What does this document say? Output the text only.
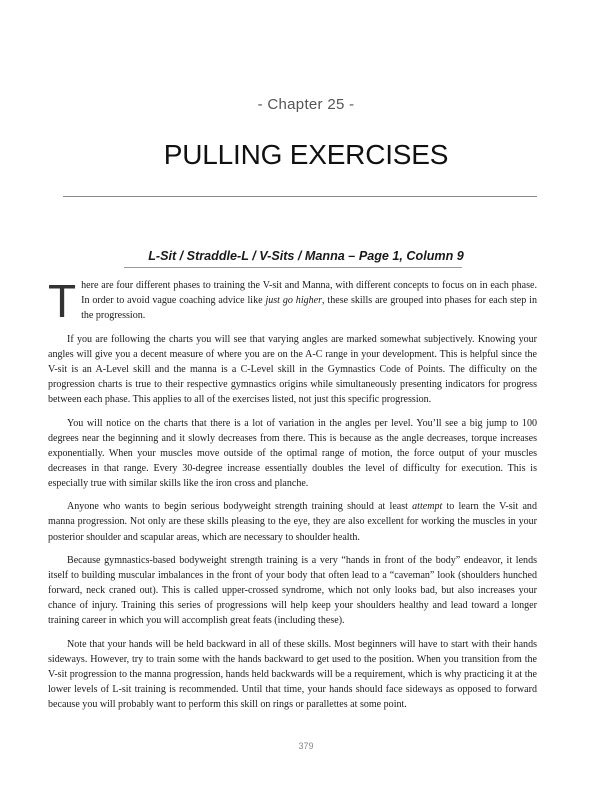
- Chapter 25 -
PULLING EXERCISES
L-Sit / Straddle-L / V-Sits / Manna – Page 1, Column 9

There are four different phases to training the V-sit and Manna, with different concepts to focus on in each phase. In order to avoid vague coaching advice like just go higher, these skills are grouped into phases for each step in the progression.

If you are following the charts you will see that varying angles are marked somewhat subjectively. Knowing your angles will give you a decent measure of where you are on the A-C range in your development. This is helpful since the V-sit is an A-Level skill and the manna is a C-Level skill in the Gymnastics Code of Points. The difficulty on the progression charts is true to their respective gymnastics origins while simultaneously presenting indicators for progress between each phase. This applies to all of the exercises listed, not just this specific progression.

You will notice on the charts that there is a lot of variation in the angles per level. You’ll see a big jump to 100 degrees near the beginning and it slowly decreases from there. This is because as the angle decreases, torque increases exponentially. When your muscles move outside of the optimal range of motion, the force output of your muscles decreases in that range. Every 30-degree increase essentially doubles the level of difficulty for execution. This is especially true with similar skills like the iron cross and planche.

Anyone who wants to begin serious bodyweight strength training should at least attempt to learn the V-sit and manna progression. Not only are these skills pleasing to the eye, they are also excellent for working the muscles in your posterior shoulder and scapular areas, which are necessary to shoulder health.

Because gymnastics-based bodyweight strength training is a very “hands in front of the body” endeavor, it lends itself to building muscular imbalances in the front of your body that often lead to a “caveman” look (shoulders hunched forward, neck craned out). This is called upper-crossed syndrome, which not only looks bad, but also increases your chance of injury. Training this series of progressions will help keep your shoulders healthy and lead toward a longer training career in which you will accomplish great feats (including these).

Note that your hands will be held backward in all of these skills. Most beginners will have to start with their hands sideways. However, try to train some with the hands backward to get used to the position. When you transition from the V-sit progression to the manna progression, hands held backwards will be a requirement, which is why practicing it at the lower levels of L-sit training is recommended. Until that time, your hands should face sideways as opposed to forward because you will probably want to perform this skill on rings or parallettes at some point.

379
